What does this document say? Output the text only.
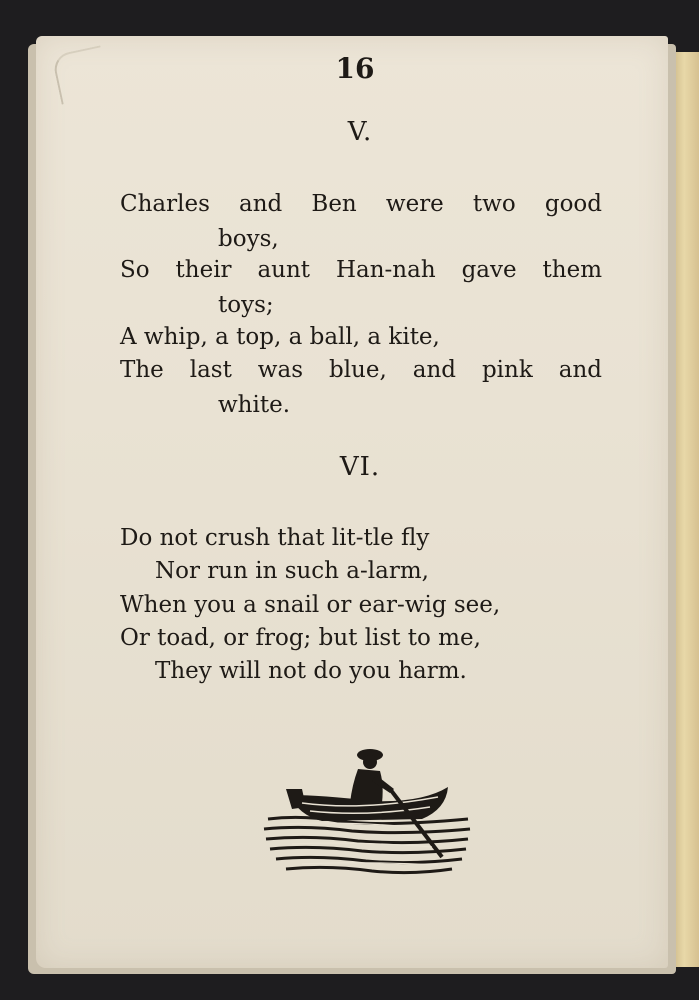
16
V.
Charles and Ben were two good
boys,
So their aunt Han-nah gave them
toys;
A whip, a top, a ball, a kite,
The last was blue, and pink and
white.
VI.
Do not crush that lit-tle fly
Nor run in such a-larm,
When you a snail or ear-wig see,
Or toad, or frog; but list to me,
They will not do you harm.
